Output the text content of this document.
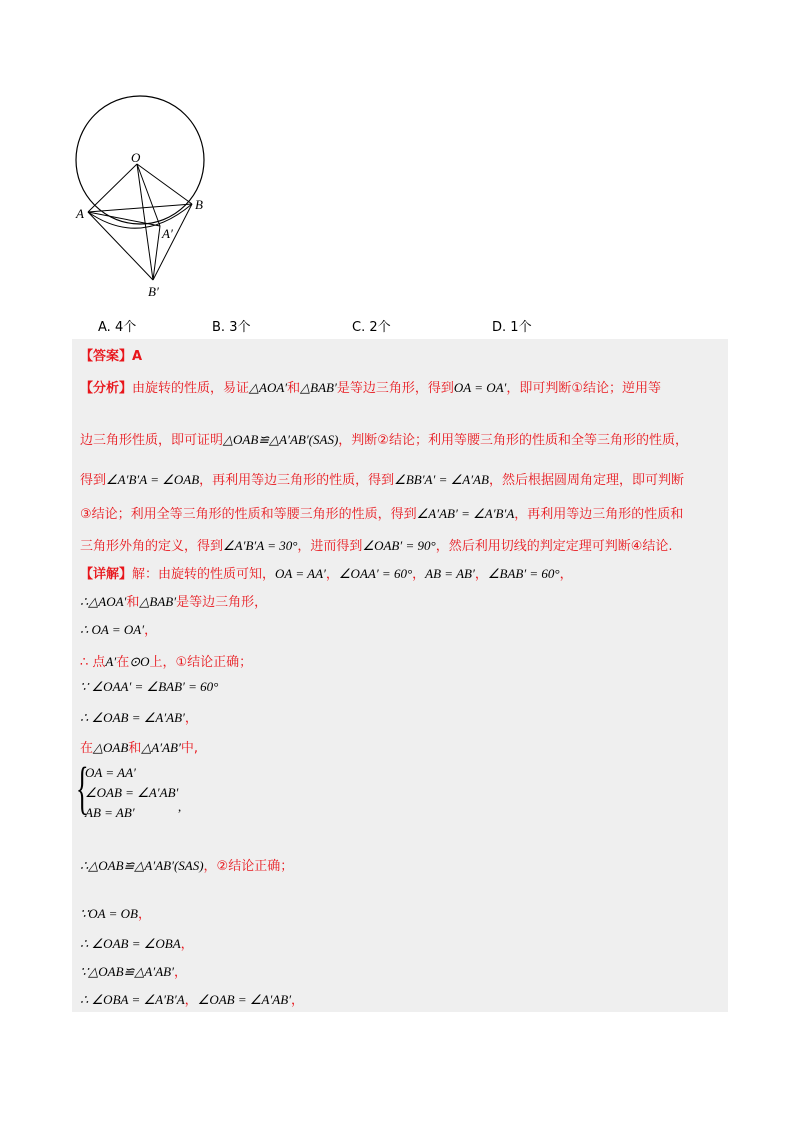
O
A
B
A′
B′
A. 4个	B. 3个	C. 2个	D. 1个
【答案】A
【分析】由旋转的性质，易证△AOA′和△BAB′是等边三角形，得到OA = OA′，即可判断①结论；逆用等
边三角形性质，即可证明△OAB≌△A′AB′(SAS)，判断②结论；利用等腰三角形的性质和全等三角形的性质，
得到∠A′B′A = ∠OAB，再利用等边三角形的性质，得到∠BB′A′ = ∠A′AB，然后根据圆周角定理，即可判断
③结论；利用全等三角形的性质和等腰三角形的性质，得到∠A′AB′ = ∠A′B′A，再利用等边三角形的性质和
三角形外角的定义，得到∠A′B′A = 30°，进而得到∠OAB′ = 90°，然后利用切线的判定定理可判断④结论.
【详解】解：由旋转的性质可知，OA = AA′，∠OAA′ = 60°，AB = AB′，∠BAB′ = 60°，
∴△AOA′和△BAB′是等边三角形，
∴ OA = OA′，
∴ 点A′在⊙O上，①结论正确；
∵ ∠OAA′ = ∠BAB′ = 60°
∴ ∠OAB = ∠A′AB′，
在△OAB和△A′AB′中,
{
OA = AA′
∠OAB = ∠A′AB′
AB = AB′	,
∴△OAB≌△A′AB′(SAS)，②结论正确；
∵OA = OB，
∴ ∠OAB = ∠OBA，
∵△OAB≌△A′AB′，
∴ ∠OBA = ∠A′B′A，∠OAB = ∠A′AB′，
